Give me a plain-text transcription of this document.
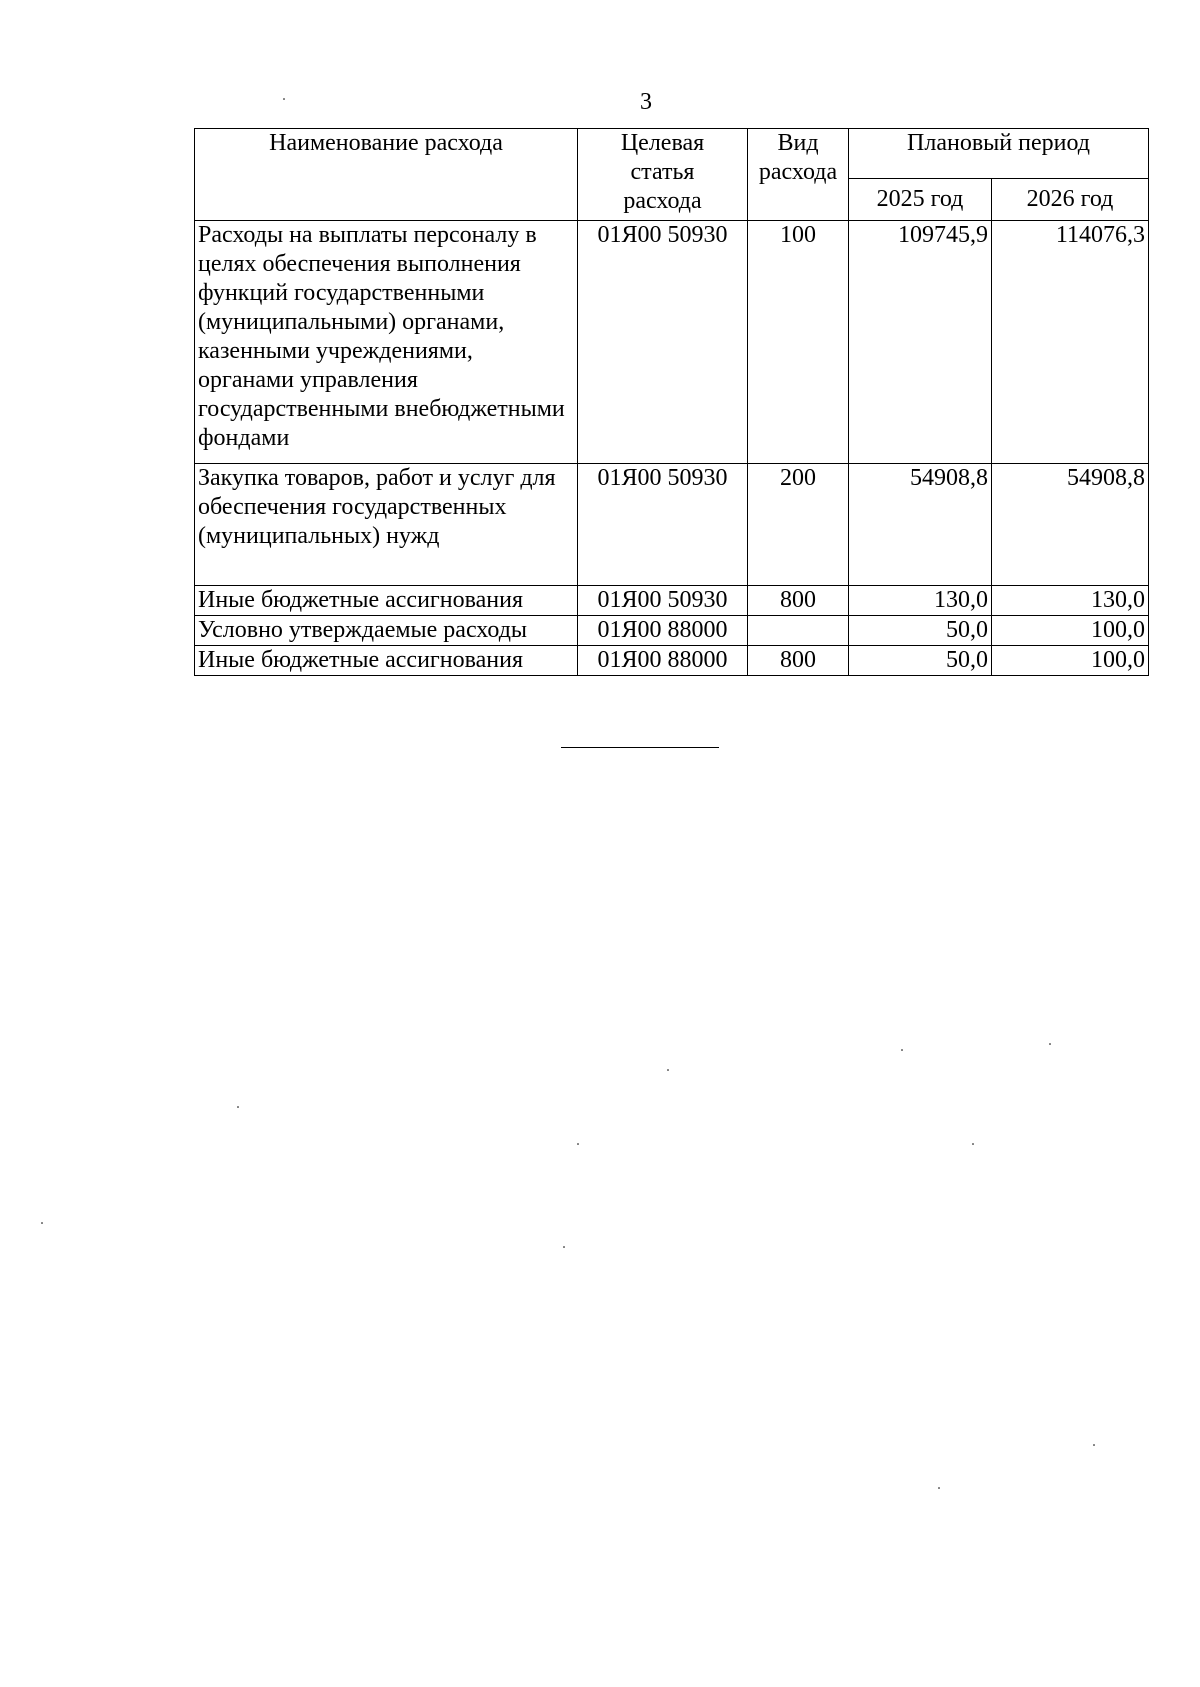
3
Наименование расхода	Целевая статья расхода	Вид расхода	Плановый период	
			2025 год	2026 год
Расходы на выплаты персоналу в целях обеспечения выполнения функций государственными (муниципальными) органами, казенными учреждениями, органами управления государственными внебюджетными фондами	01Я00 50930	100	109745,9	114076,3
Закупка товаров, работ и услуг для обеспечения государственных (муниципальных) нужд	01Я00 50930	200	54908,8	54908,8
Иные бюджетные ассигнования	01Я00 50930	800	130,0	130,0
Условно утверждаемые расходы	01Я00 88000		50,0	100,0
Иные бюджетные ассигнования	01Я00 88000	800	50,0	100,0
